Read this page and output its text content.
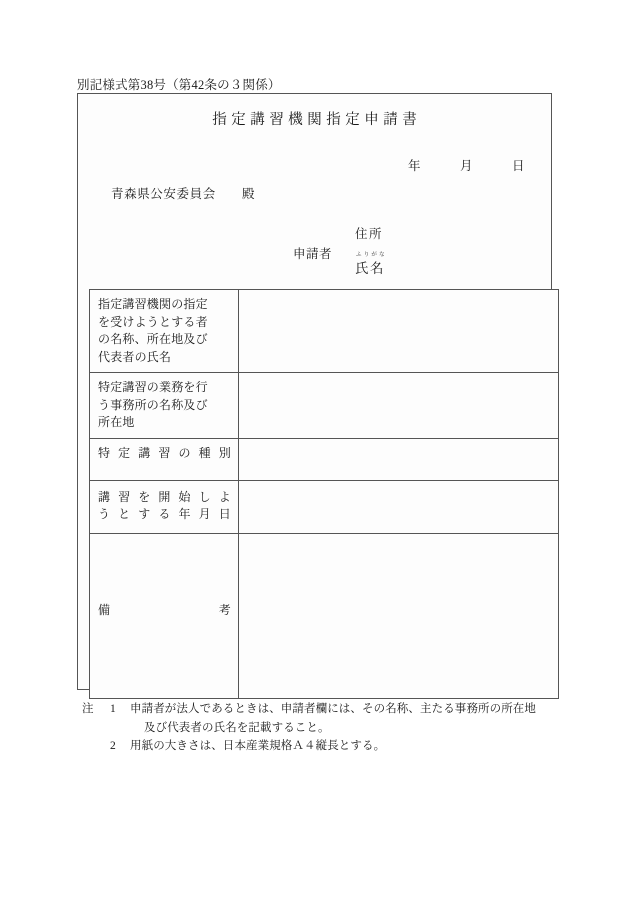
別記様式第38号（第42条の３関係）
指定講習機関指定申請書
年　　　月　　　日
青森県公安委員会　　殿
申請者
住所
ふりがな
氏名
指定講習機関の指定
を受けようとする者
の名称、所在地及び
代表者の氏名	

特定講習の業務を行
う事務所の名称及び
所在地	

特定講習の種別	

講習を開始しよ
うとする年月日	

備 考	

注	1	申請者が法人であるときは、申請者欄には、その名称、主たる事務所の所在地
及び代表者の氏名を記載すること。
2	用紙の大きさは、日本産業規格Ａ４縦長とする。
